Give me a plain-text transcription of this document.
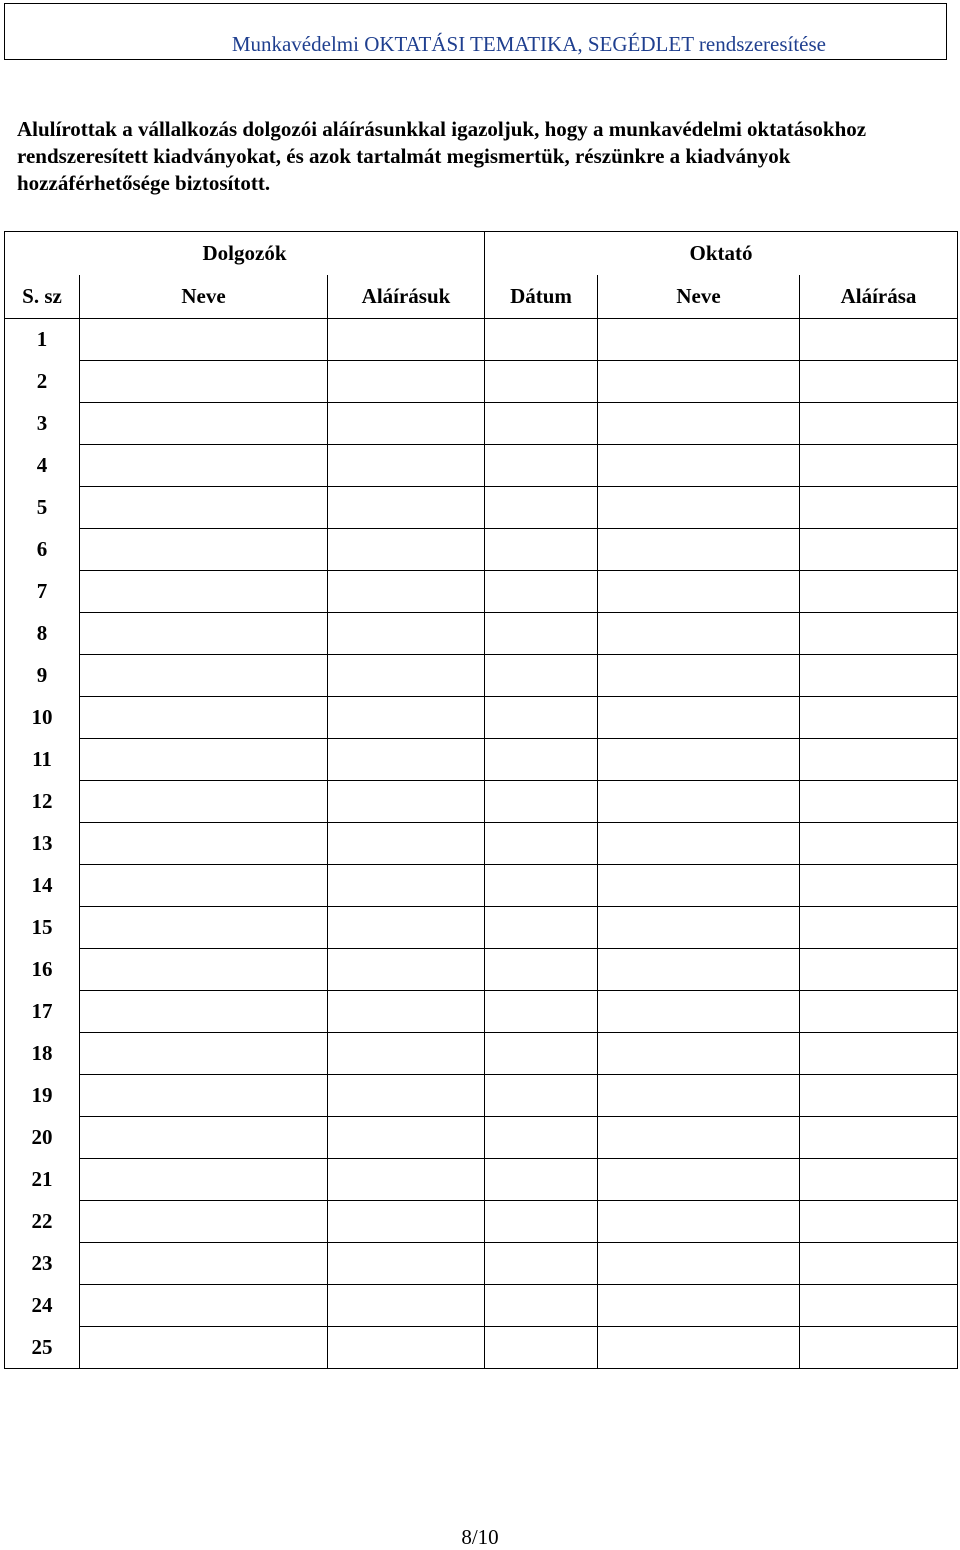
Munkavédelmi OKTATÁSI TEMATIKA, SEGÉDLET rendszeresítése
Alulírottak a vállalkozás dolgozói aláírásunkkal igazoljuk, hogy a munkavédelmi oktatásokhoz rendszeresített kiadványokat, és azok tartalmát megismertük, részünkre a kiadványok hozzáférhetősége biztosított.
Dolgozók			Oktató		
S. sz	Neve	Aláírásuk	Dátum	Neve	Aláírása
1					
2					
3					
4					
5					
6					
7					
8					
9					
10					
11					
12					
13					
14					
15					
16					
17					
18					
19					
20					
21					
22					
23					
24					
25					
8/10
